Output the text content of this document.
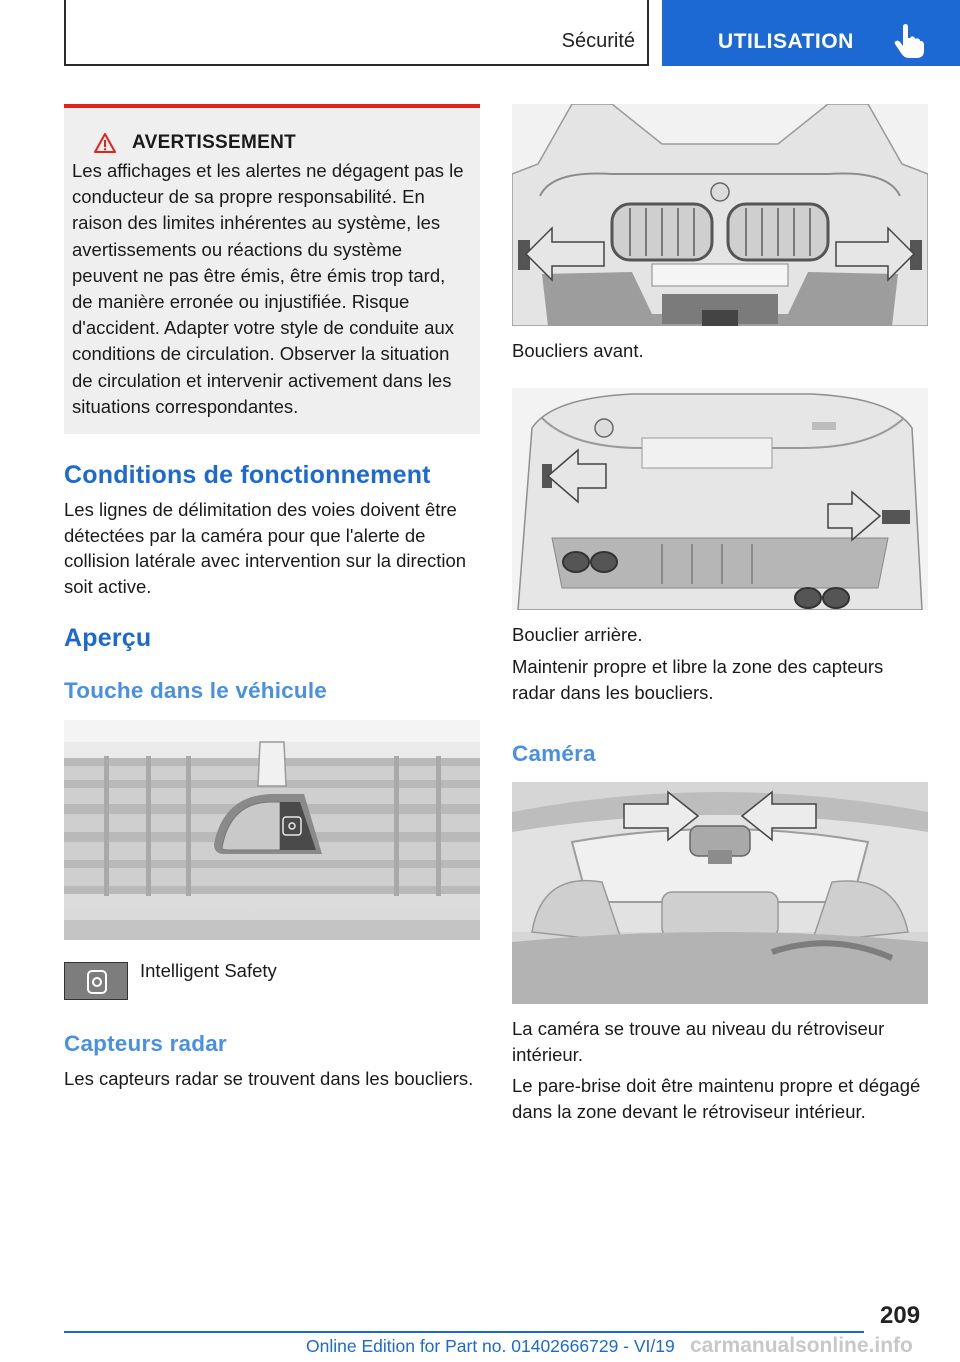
Sécurité	UTILISATION
AVERTISSEMENT

Les affichages et les alertes ne dégagent pas le conducteur de sa propre responsabilité. En raison des limites inhérentes au système, les avertissements ou réactions du système peuvent ne pas être émis, être émis trop tard, de manière erronée ou injustifiée. Risque d'accident. Adapter votre style de conduite aux conditions de circulation. Observer la situation de circulation et intervenir activement dans les situations correspondantes.

Conditions de fonctionnement

Les lignes de délimitation des voies doivent être détectées par la caméra pour que l'alerte de collision latérale avec intervention sur la direction soit active.

Aperçu
Touche dans le véhicule
Intelligent Safety
Capteurs radar

Les capteurs radar se trouvent dans les boucliers.

Boucliers avant.
Bouclier arrière.

Maintenir propre et libre la zone des capteurs radar dans les boucliers.

Caméra

La caméra se trouve au niveau du rétroviseur intérieur.

Le pare-brise doit être maintenu propre et dégagé dans la zone devant le rétroviseur intérieur.

209
Online Edition for Part no. 01402666729 - VI/19 carmanualsonline.info
